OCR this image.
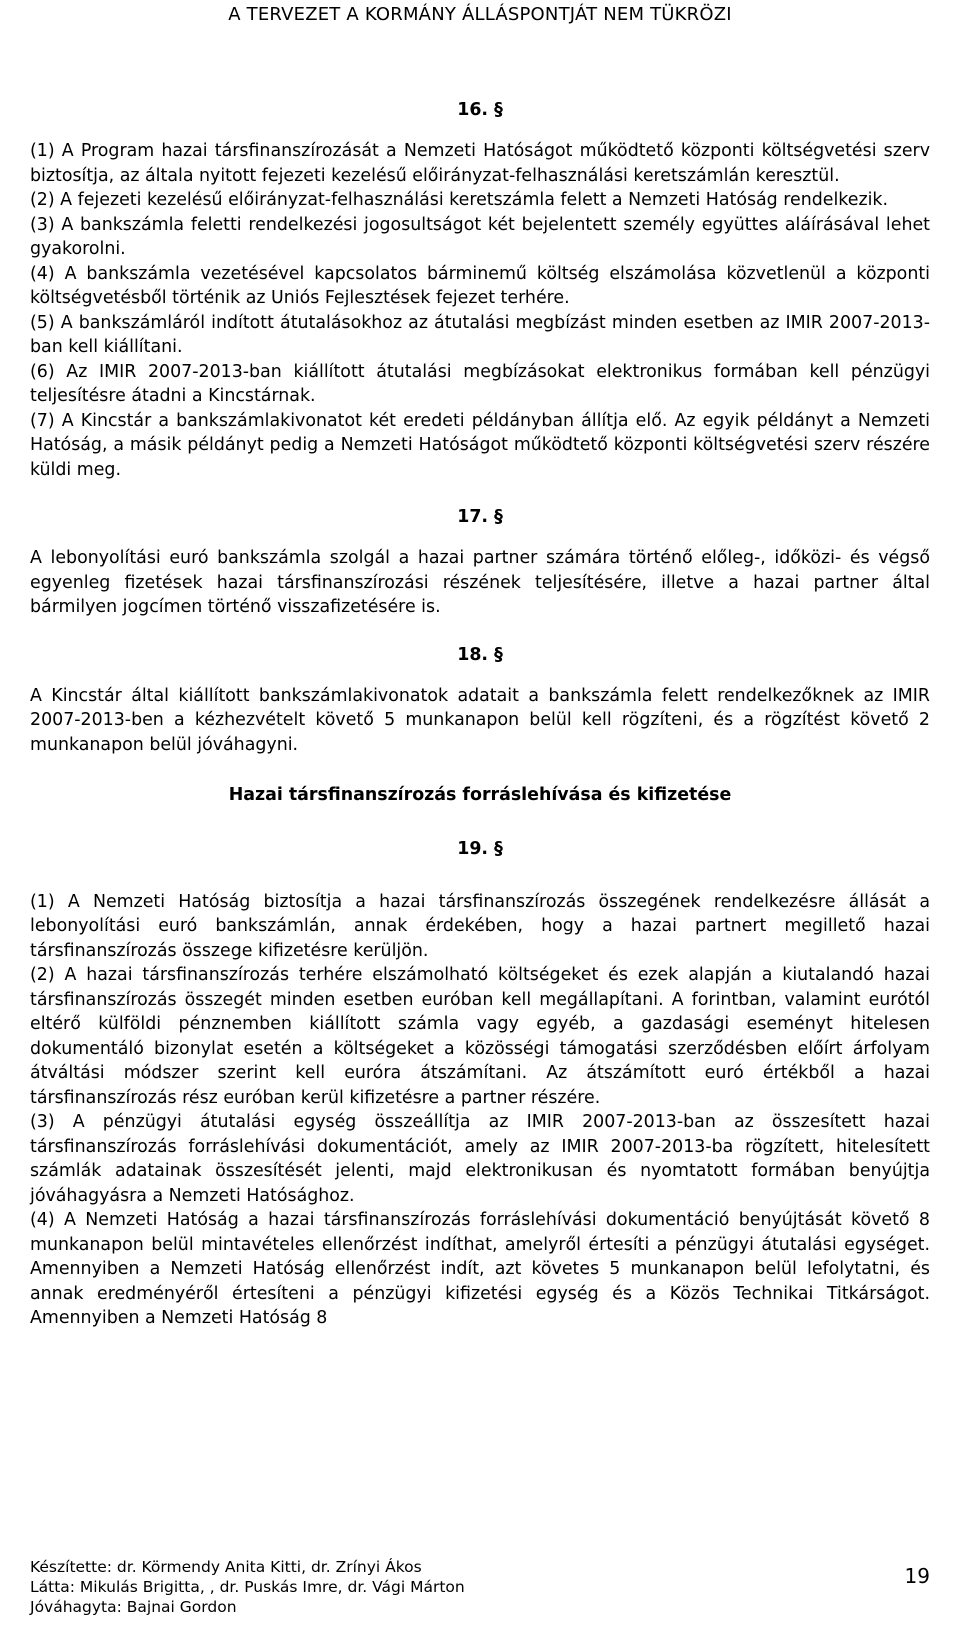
A TERVEZET A KORMÁNY ÁLLÁSPONTJÁT NEM TÜKRÖZI
16. §

(1) A Program hazai társfinanszírozását a Nemzeti Hatóságot működtető központi költségvetési szerv biztosítja, az általa nyitott fejezeti kezelésű előirányzat-felhasználási keretszámlán keresztül.

(2) A fejezeti kezelésű előirányzat-felhasználási keretszámla felett a Nemzeti Hatóság rendelkezik.

(3) A bankszámla feletti rendelkezési jogosultságot két bejelentett személy együttes aláírásával lehet gyakorolni.

(4) A bankszámla vezetésével kapcsolatos bárminemű költség elszámolása közvetlenül a központi költségvetésből történik az Uniós Fejlesztések fejezet terhére.

(5) A bankszámláról indított átutalásokhoz az átutalási megbízást minden esetben az IMIR 2007-2013-ban kell kiállítani.

(6) Az IMIR 2007-2013-ban kiállított átutalási megbízásokat elektronikus formában kell pénzügyi teljesítésre átadni a Kincstárnak.

(7) A Kincstár a bankszámlakivonatot két eredeti példányban állítja elő. Az egyik példányt a Nemzeti Hatóság, a másik példányt pedig a Nemzeti Hatóságot működtető központi költségvetési szerv részére küldi meg.

17. §

A lebonyolítási euró bankszámla szolgál a hazai partner számára történő előleg-, időközi- és végső egyenleg fizetések hazai társfinanszírozási részének teljesítésére, illetve a hazai partner által bármilyen jogcímen történő visszafizetésére is.

18. §

A Kincstár által kiállított bankszámlakivonatok adatait a bankszámla felett rendelkezőknek az IMIR 2007-2013-ben a kézhezvételt követő 5 munkanapon belül kell rögzíteni, és a rögzítést követő 2 munkanapon belül jóváhagyni.

Hazai társfinanszírozás forráslehívása és kifizetése
19. §

(1) A Nemzeti Hatóság biztosítja a hazai társfinanszírozás összegének rendelkezésre állását a lebonyolítási euró bankszámlán, annak érdekében, hogy a hazai partnert megillető hazai társfinanszírozás összege kifizetésre kerüljön.

(2) A hazai társfinanszírozás terhére elszámolható költségeket és ezek alapján a kiutalandó hazai társfinanszírozás összegét minden esetben euróban kell megállapítani. A forintban, valamint eurótól eltérő külföldi pénznemben kiállított számla vagy egyéb, a gazdasági eseményt hitelesen dokumentáló bizonylat esetén a költségeket a közösségi támogatási szerződésben előírt árfolyam átváltási módszer szerint kell euróra átszámítani. Az átszámított euró értékből a hazai társfinanszírozás rész euróban kerül kifizetésre a partner részére.

(3) A pénzügyi átutalási egység összeállítja az IMIR 2007-2013-ban az összesített hazai társfinanszírozás forráslehívási dokumentációt, amely az IMIR 2007-2013-ba rögzített, hitelesített számlák adatainak összesítését jelenti, majd elektronikusan és nyomtatott formában benyújtja jóváhagyásra a Nemzeti Hatósághoz.

(4) A Nemzeti Hatóság a hazai társfinanszírozás forráslehívási dokumentáció benyújtását követő 8 munkanapon belül mintavételes ellenőrzést indíthat, amelyről értesíti a pénzügyi átutalási egységet. Amennyiben a Nemzeti Hatóság ellenőrzést indít, azt követes 5 munkanapon belül lefolytatni, és annak eredményéről értesíteni a pénzügyi kifizetési egység és a Közös Technikai Titkárságot. Amennyiben a Nemzeti Hatóság 8

Készítette: dr. Körmendy Anita Kitti, dr. Zrínyi Ákos
Látta: Mikulás Brigitta, , dr. Puskás Imre, dr. Vági Márton
Jóváhagyta: Bajnai Gordon
19
